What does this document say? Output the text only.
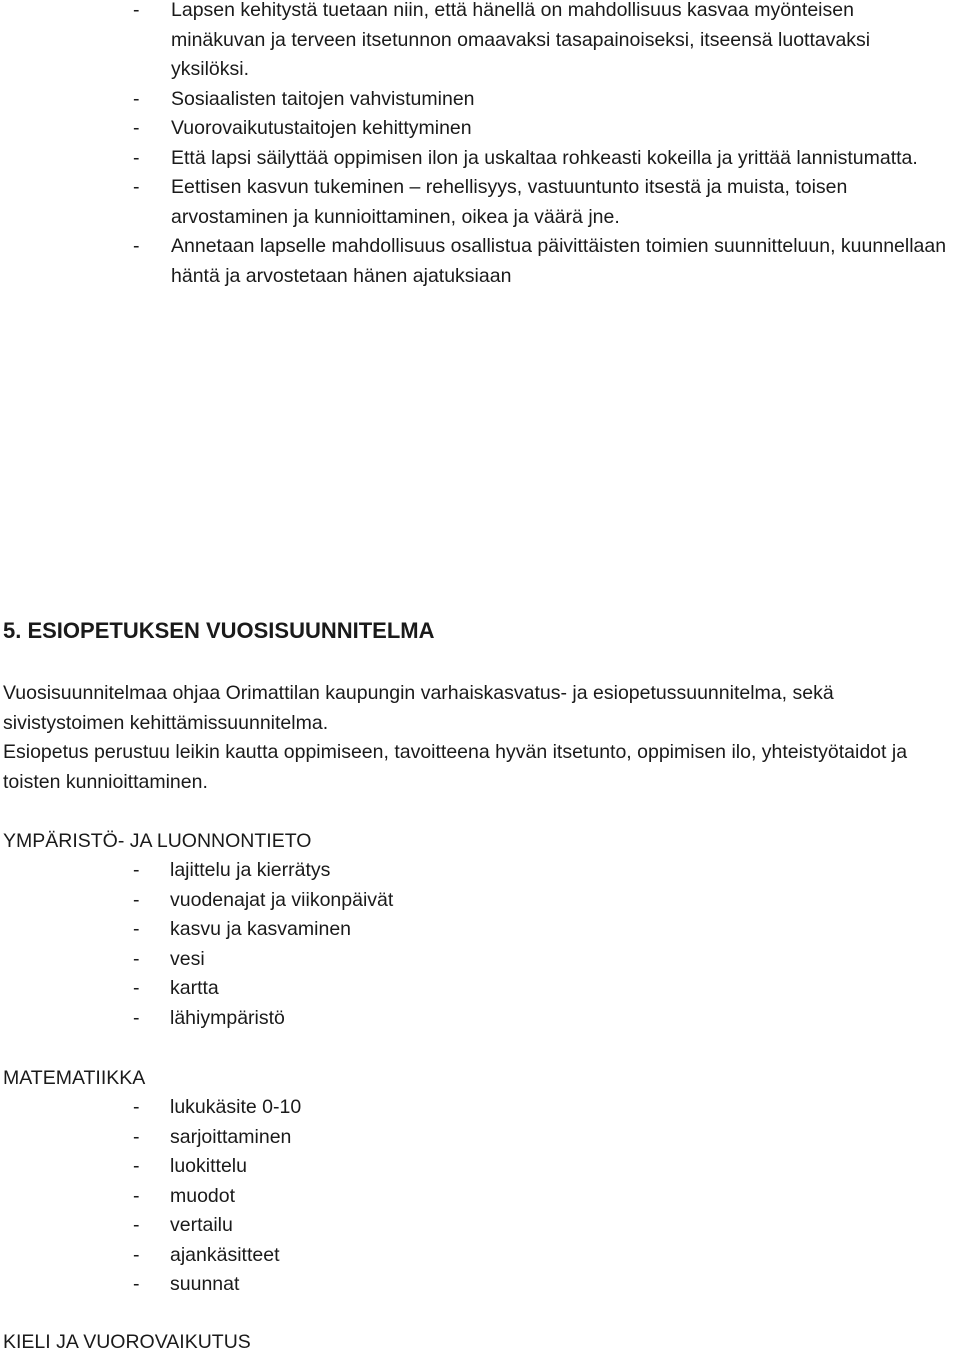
- Lapsen kehitystä tuetaan niin, että hänellä on mahdollisuus kasvaa myönteisen minäkuvan ja terveen itsetunnon omaavaksi tasapainoiseksi, itseensä luottavaksi yksilöksi.
- Sosiaalisten taitojen vahvistuminen
- Vuorovaikutustaitojen kehittyminen
- Että lapsi säilyttää oppimisen ilon ja uskaltaa rohkeasti kokeilla ja yrittää lannistumatta.
- Eettisen kasvun tukeminen – rehellisyys, vastuuntunto itsestä ja muista, toisen arvostaminen ja kunnioittaminen, oikea ja väärä jne.
- Annetaan lapselle mahdollisuus osallistua päivittäisten toimien suunnitteluun, kuunnellaan häntä ja arvostetaan hänen ajatuksiaan
5. ESIOPETUKSEN VUOSISUUNNITELMA

Vuosisuunnitelmaa ohjaa Orimattilan kaupungin varhaiskasvatus- ja esiopetussuunnitelma, sekä sivistystoimen kehittämissuunnitelma.

Esiopetus perustuu leikin kautta oppimiseen, tavoitteena hyvän itsetunto, oppimisen ilo, yhteistyötaidot ja toisten kunnioittaminen.

YMPÄRISTÖ- JA LUONNONTIETO

- lajittelu ja kierrätys
- vuodenajat ja viikonpäivät
- kasvu ja kasvaminen
- vesi
- kartta
- lähiympäristö

MATEMATIIKKA

- lukukäsite 0-10
- sarjoittaminen
- luokittelu
- muodot
- vertailu
- ajankäsitteet
- suunnat

KIELI JA VUOROVAIKUTUS
